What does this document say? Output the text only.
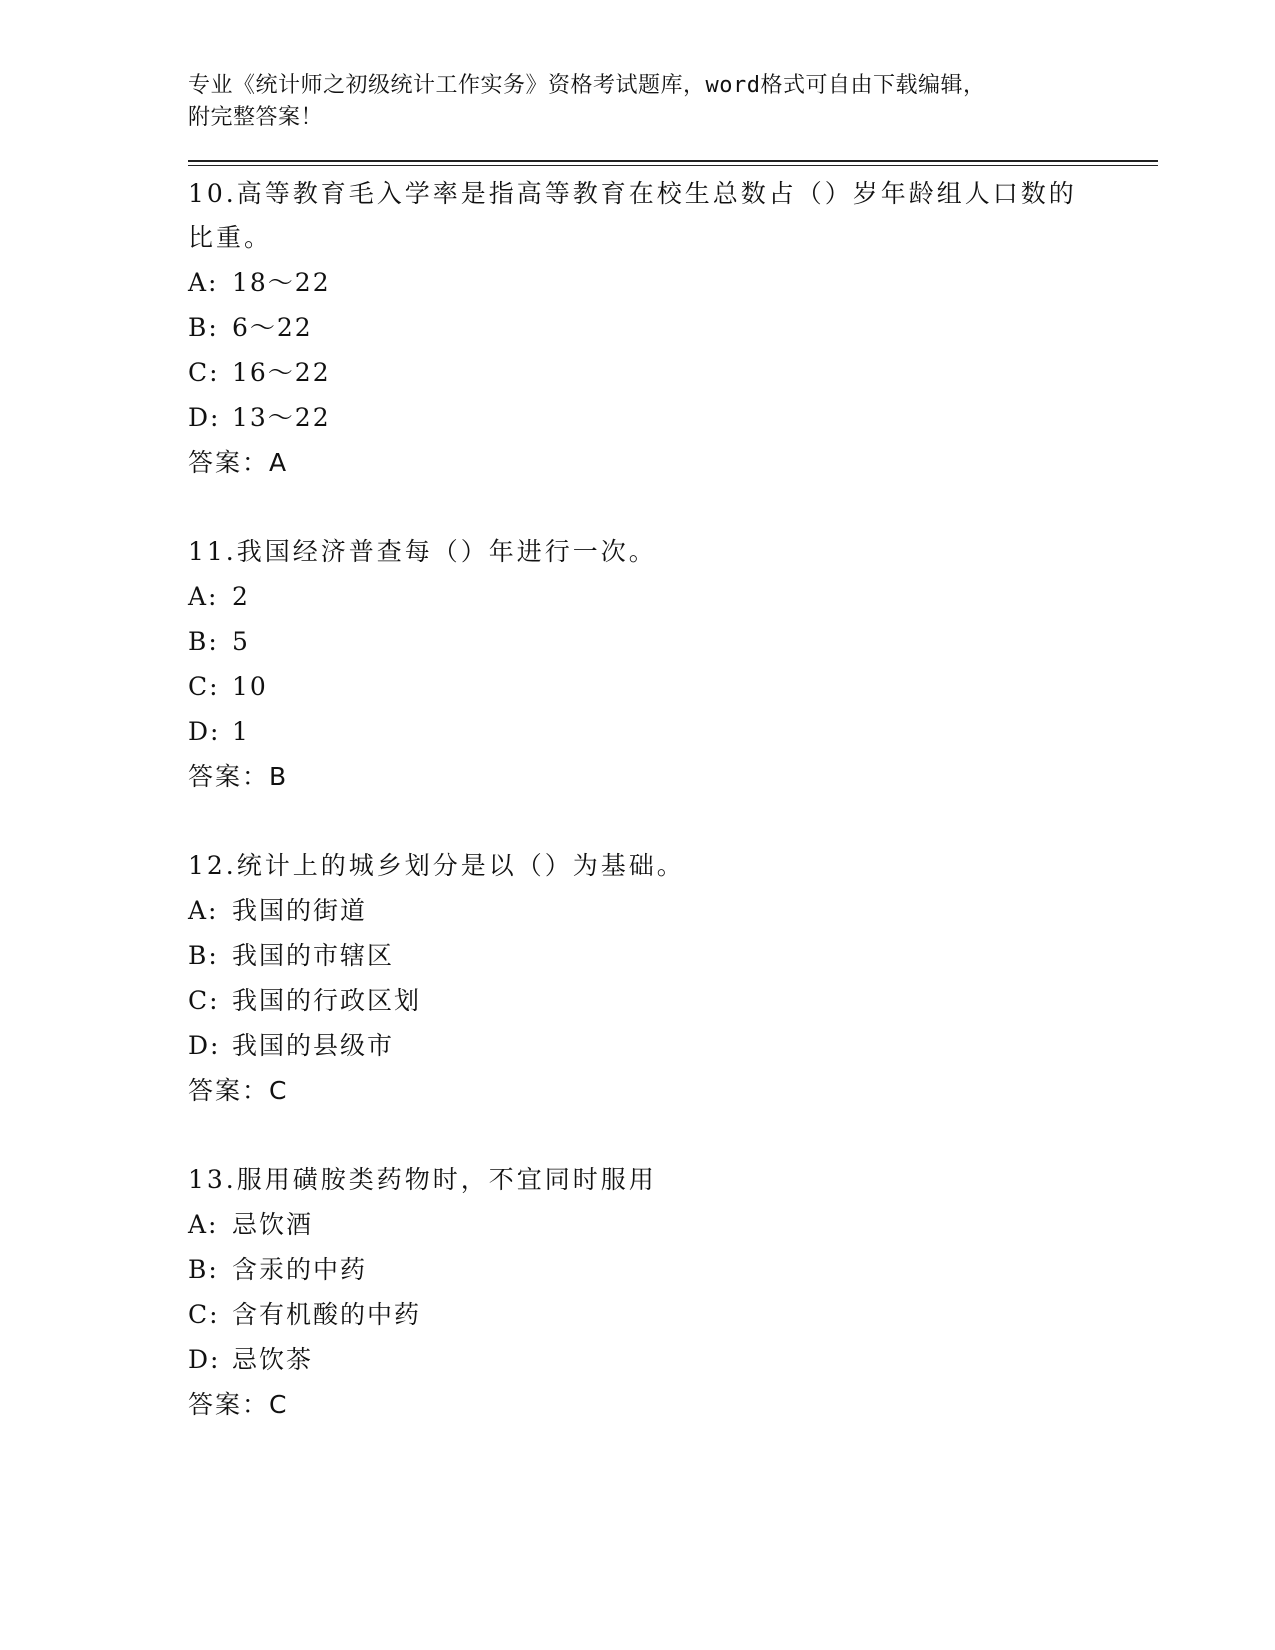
专业《统计师之初级统计工作实务》资格考试题库，word格式可自由下载编辑，
附完整答案！
10.高等教育毛入学率是指高等教育在校生总数占（）岁年龄组人口数的比重。
A: 18～22
B: 6～22
C: 16～22
D: 13～22
答案：A
11.我国经济普查每（）年进行一次。
A: 2
B: 5
C: 10
D: 1
答案：B
12.统计上的城乡划分是以（）为基础。
A: 我国的街道
B: 我国的市辖区
C: 我国的行政区划
D: 我国的县级市
答案：C
13.服用磺胺类药物时，不宜同时服用
A: 忌饮酒
B: 含汞的中药
C: 含有机酸的中药
D: 忌饮茶
答案：C
